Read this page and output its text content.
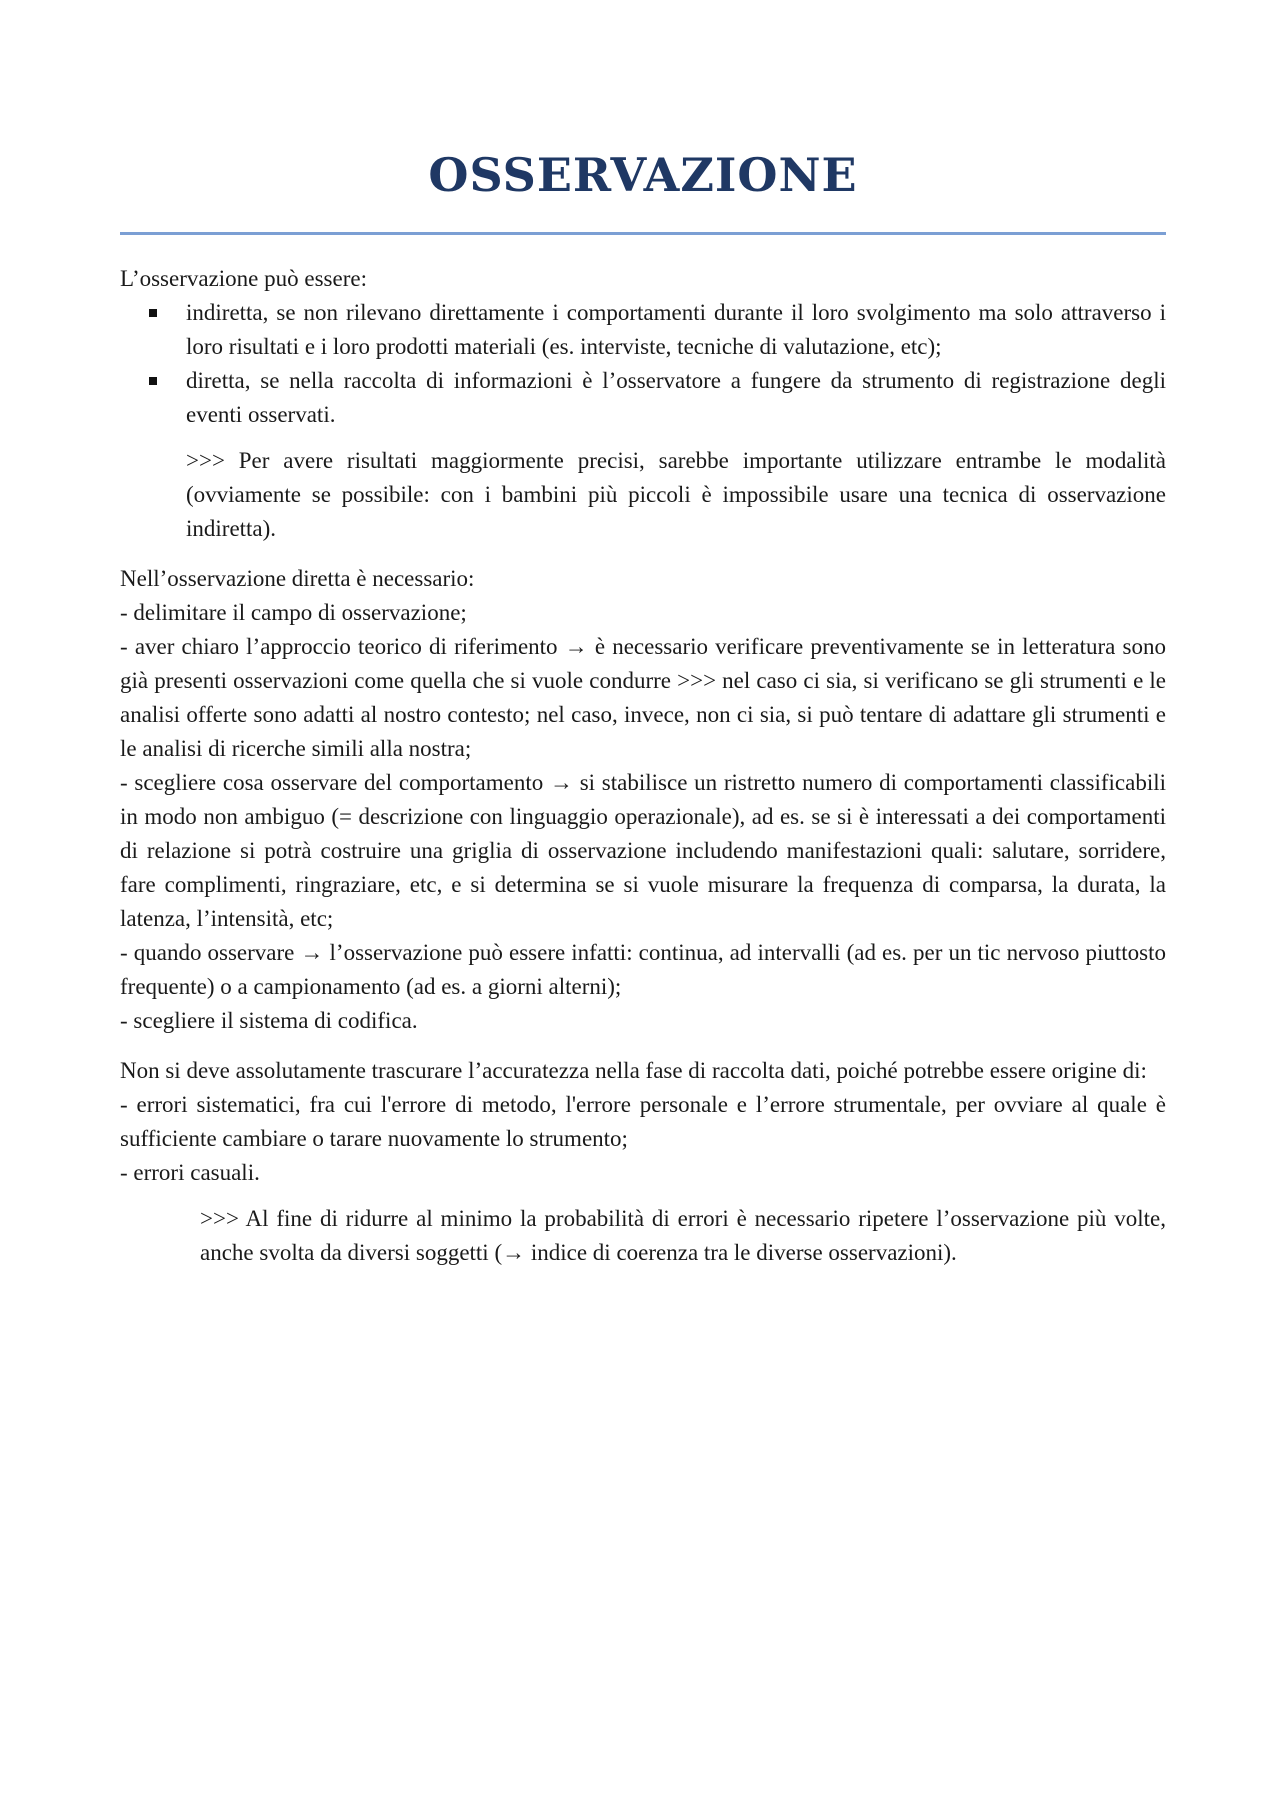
OSSERVAZIONE

L’osservazione può essere:

indiretta, se non rilevano direttamente i comportamenti durante il loro svolgimento ma solo attraverso i loro risultati e i loro prodotti materiali (es. interviste, tecniche di valutazione, etc);
diretta, se nella raccolta di informazioni è l’osservatore a fungere da strumento di registrazione degli eventi osservati.

>>> Per avere risultati maggiormente precisi, sarebbe importante utilizzare entrambe le modalità (ovviamente se possibile: con i bambini più piccoli è impossibile usare una tecnica di osservazione indiretta).

Nell’osservazione diretta è necessario:

- delimitare il campo di osservazione;

- aver chiaro l’approccio teorico di riferimento → è necessario verificare preventivamente se in letteratura sono già presenti osservazioni come quella che si vuole condurre >>> nel caso ci sia, si verificano se gli strumenti e le analisi offerte sono adatti al nostro contesto; nel caso, invece, non ci sia, si può tentare di adattare gli strumenti e le analisi di ricerche simili alla nostra;

- scegliere cosa osservare del comportamento → si stabilisce un ristretto numero di comportamenti classificabili in modo non ambiguo (= descrizione con linguaggio operazionale), ad es. se si è interessati a dei comportamenti di relazione si potrà costruire una griglia di osservazione includendo manifestazioni quali: salutare, sorridere, fare complimenti, ringraziare, etc, e si determina se si vuole misurare la frequenza di comparsa, la durata, la latenza, l’intensità, etc;

- quando osservare → l’osservazione può essere infatti: continua, ad intervalli (ad es. per un tic nervoso piuttosto frequente) o a campionamento (ad es. a giorni alterni);

- scegliere il sistema di codifica.

Non si deve assolutamente trascurare l’accuratezza nella fase di raccolta dati, poiché potrebbe essere origine di:

- errori sistematici, fra cui l'errore di metodo, l'errore personale e l’errore strumentale, per ovviare al quale è sufficiente cambiare o tarare nuovamente lo strumento;

- errori casuali.

>>> Al fine di ridurre al minimo la probabilità di errori è necessario ripetere l’osservazione più volte, anche svolta da diversi soggetti (→ indice di coerenza tra le diverse osservazioni).
